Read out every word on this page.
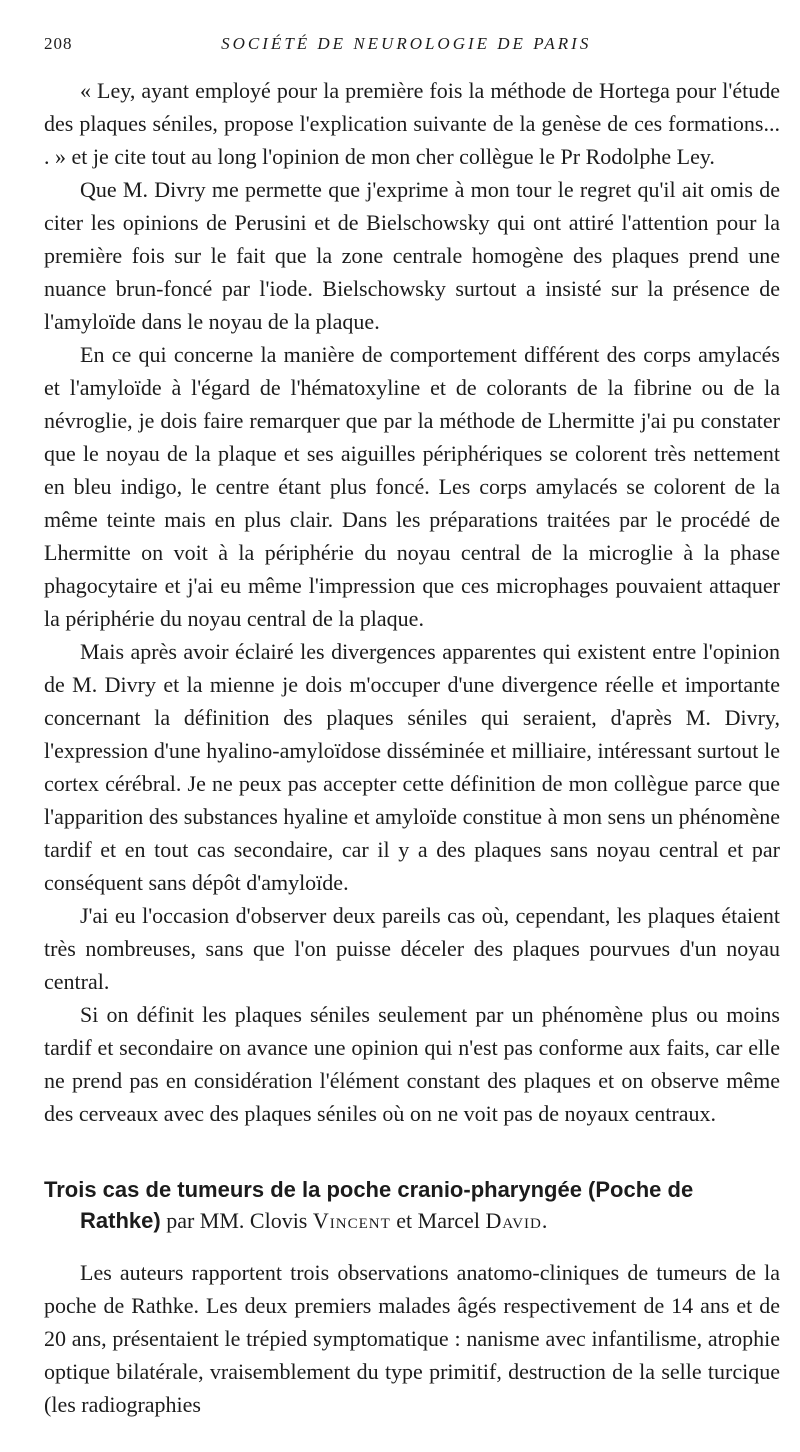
208	SOCIÉTÉ DE NEUROLOGIE DE PARIS

« Ley, ayant employé pour la première fois la méthode de Hortega pour l'étude des plaques séniles, propose l'explication suivante de la genèse de ces formations... . » et je cite tout au long l'opinion de mon cher collègue le Pr Rodolphe Ley.

Que M. Divry me permette que j'exprime à mon tour le regret qu'il ait omis de citer les opinions de Perusini et de Bielschowsky qui ont attiré l'attention pour la première fois sur le fait que la zone centrale homogène des plaques prend une nuance brun-foncé par l'iode. Bielschowsky surtout a insisté sur la présence de l'amyloïde dans le noyau de la plaque.

En ce qui concerne la manière de comportement différent des corps amylacés et l'amyloïde à l'égard de l'hématoxyline et de colorants de la fibrine ou de la névroglie, je dois faire remarquer que par la méthode de Lhermitte j'ai pu constater que le noyau de la plaque et ses aiguilles périphériques se colorent très nettement en bleu indigo, le centre étant plus foncé. Les corps amylacés se colorent de la même teinte mais en plus clair. Dans les préparations traitées par le procédé de Lhermitte on voit à la périphérie du noyau central de la microglie à la phase phagocytaire et j'ai eu même l'impression que ces microphages pouvaient attaquer la périphérie du noyau central de la plaque.

Mais après avoir éclairé les divergences apparentes qui existent entre l'opinion de M. Divry et la mienne je dois m'occuper d'une divergence réelle et importante concernant la définition des plaques séniles qui seraient, d'après M. Divry, l'expression d'une hyalino-amyloïdose disséminée et milliaire, intéressant surtout le cortex cérébral. Je ne peux pas accepter cette définition de mon collègue parce que l'apparition des substances hyaline et amyloïde constitue à mon sens un phénomène tardif et en tout cas secondaire, car il y a des plaques sans noyau central et par conséquent sans dépôt d'amyloïde.

J'ai eu l'occasion d'observer deux pareils cas où, cependant, les plaques étaient très nombreuses, sans que l'on puisse déceler des plaques pourvues d'un noyau central.

Si on définit les plaques séniles seulement par un phénomène plus ou moins tardif et secondaire on avance une opinion qui n'est pas conforme aux faits, car elle ne prend pas en considération l'élément constant des plaques et on observe même des cerveaux avec des plaques séniles où on ne voit pas de noyaux centraux.

Trois cas de tumeurs de la poche cranio-pharyngée (Poche de
Rathke) par MM. Clovis Vincent et Marcel David.

Les auteurs rapportent trois observations anatomo-cliniques de tumeurs de la poche de Rathke. Les deux premiers malades âgés respectivement de 14 ans et de 20 ans, présentaient le trépied symptomatique : nanisme avec infantilisme, atrophie optique bilatérale, vraisemblement du type primitif, destruction de la selle turcique (les radiographies
